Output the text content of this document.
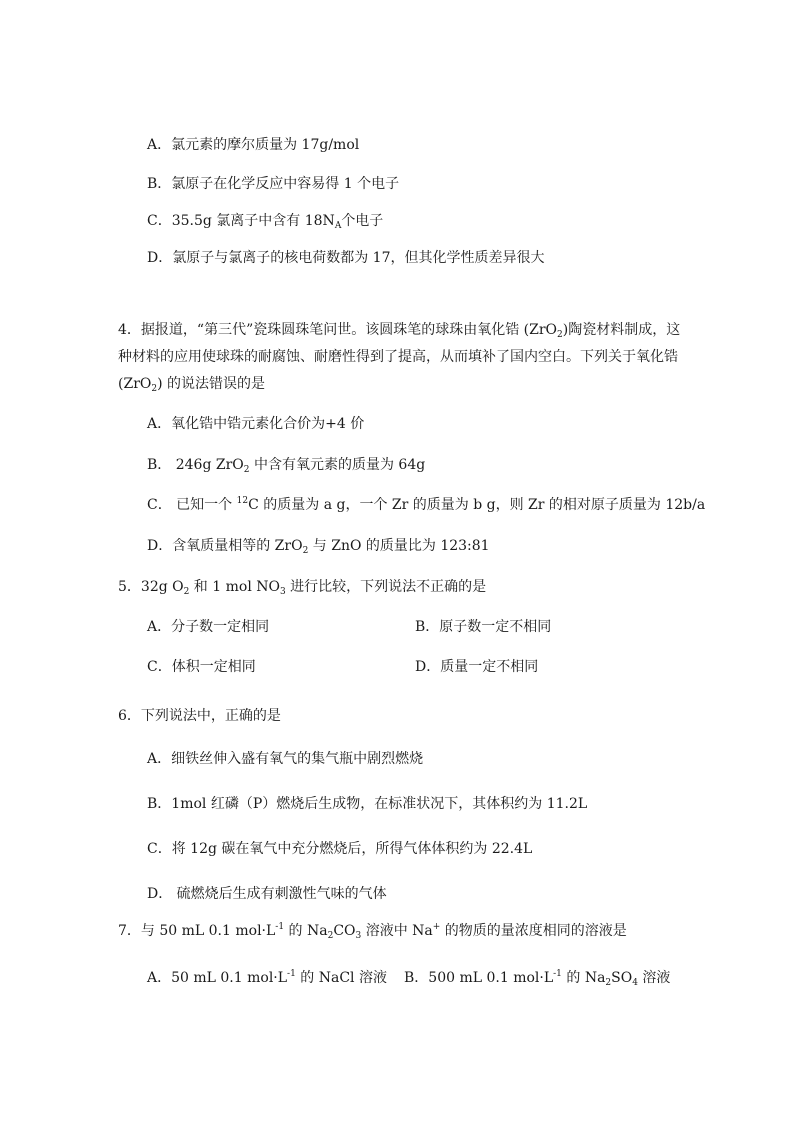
A．氯元素的摩尔质量为 17g/mol
B．氯原子在化学反应中容易得 1 个电子
C．35.5g 氯离子中含有 $18N_A$个电子
D．氯原子与氯离子的核电荷数都为 17，但其化学性质差异很大
4．据报道，“第三代”瓷珠圆珠笔问世。该圆珠笔的球珠由氧化锆 (ZrO$_2$)陶瓷材料制成，这
种材料的应用使球珠的耐腐蚀、耐磨性得到了提高，从而填补了国内空白。下列关于氧化锆
(ZrO$_2$) 的说法错误的是
A．氧化锆中锆元素化合价为+4 价
B． 246g ZrO$_2$ 中含有氧元素的质量为 64g
C． 已知一个 $^{12}$C 的质量为 a g，一个 Zr 的质量为 b g，则 Zr 的相对原子质量为 12b/a
D．含氧质量相等的 ZrO$_2$ 与 ZnO 的质量比为 123:81
5．32g $O_2$ 和 1 mol $NO_3$ 进行比较，下列说法不正确的是
A．分子数一定相同	B．原子数一定不相同
C．体积一定相同	D．质量一定不相同
6．下列说法中，正确的是
A．细铁丝伸入盛有氧气的集气瓶中剧烈燃烧
B．1mol 红磷（P）燃烧后生成物，在标准状况下，其体积约为 11.2L
C．将 12g 碳在氧气中充分燃烧后，所得气体体积约为 22.4L
D． 硫燃烧后生成有刺激性气味的气体
7．与 50 mL 0.1 $mol\cdot L^{-1}$ 的 $Na_2CO_3$ 溶液中 Na+ 的物质的量浓度相同的溶液是
A．50 mL 0.1 $mol\cdot L^{-1}$ 的 NaCl 溶液 B．500 mL 0.1 $mol\cdot L^{-1}$ 的 $Na_2SO_4$ 溶液
